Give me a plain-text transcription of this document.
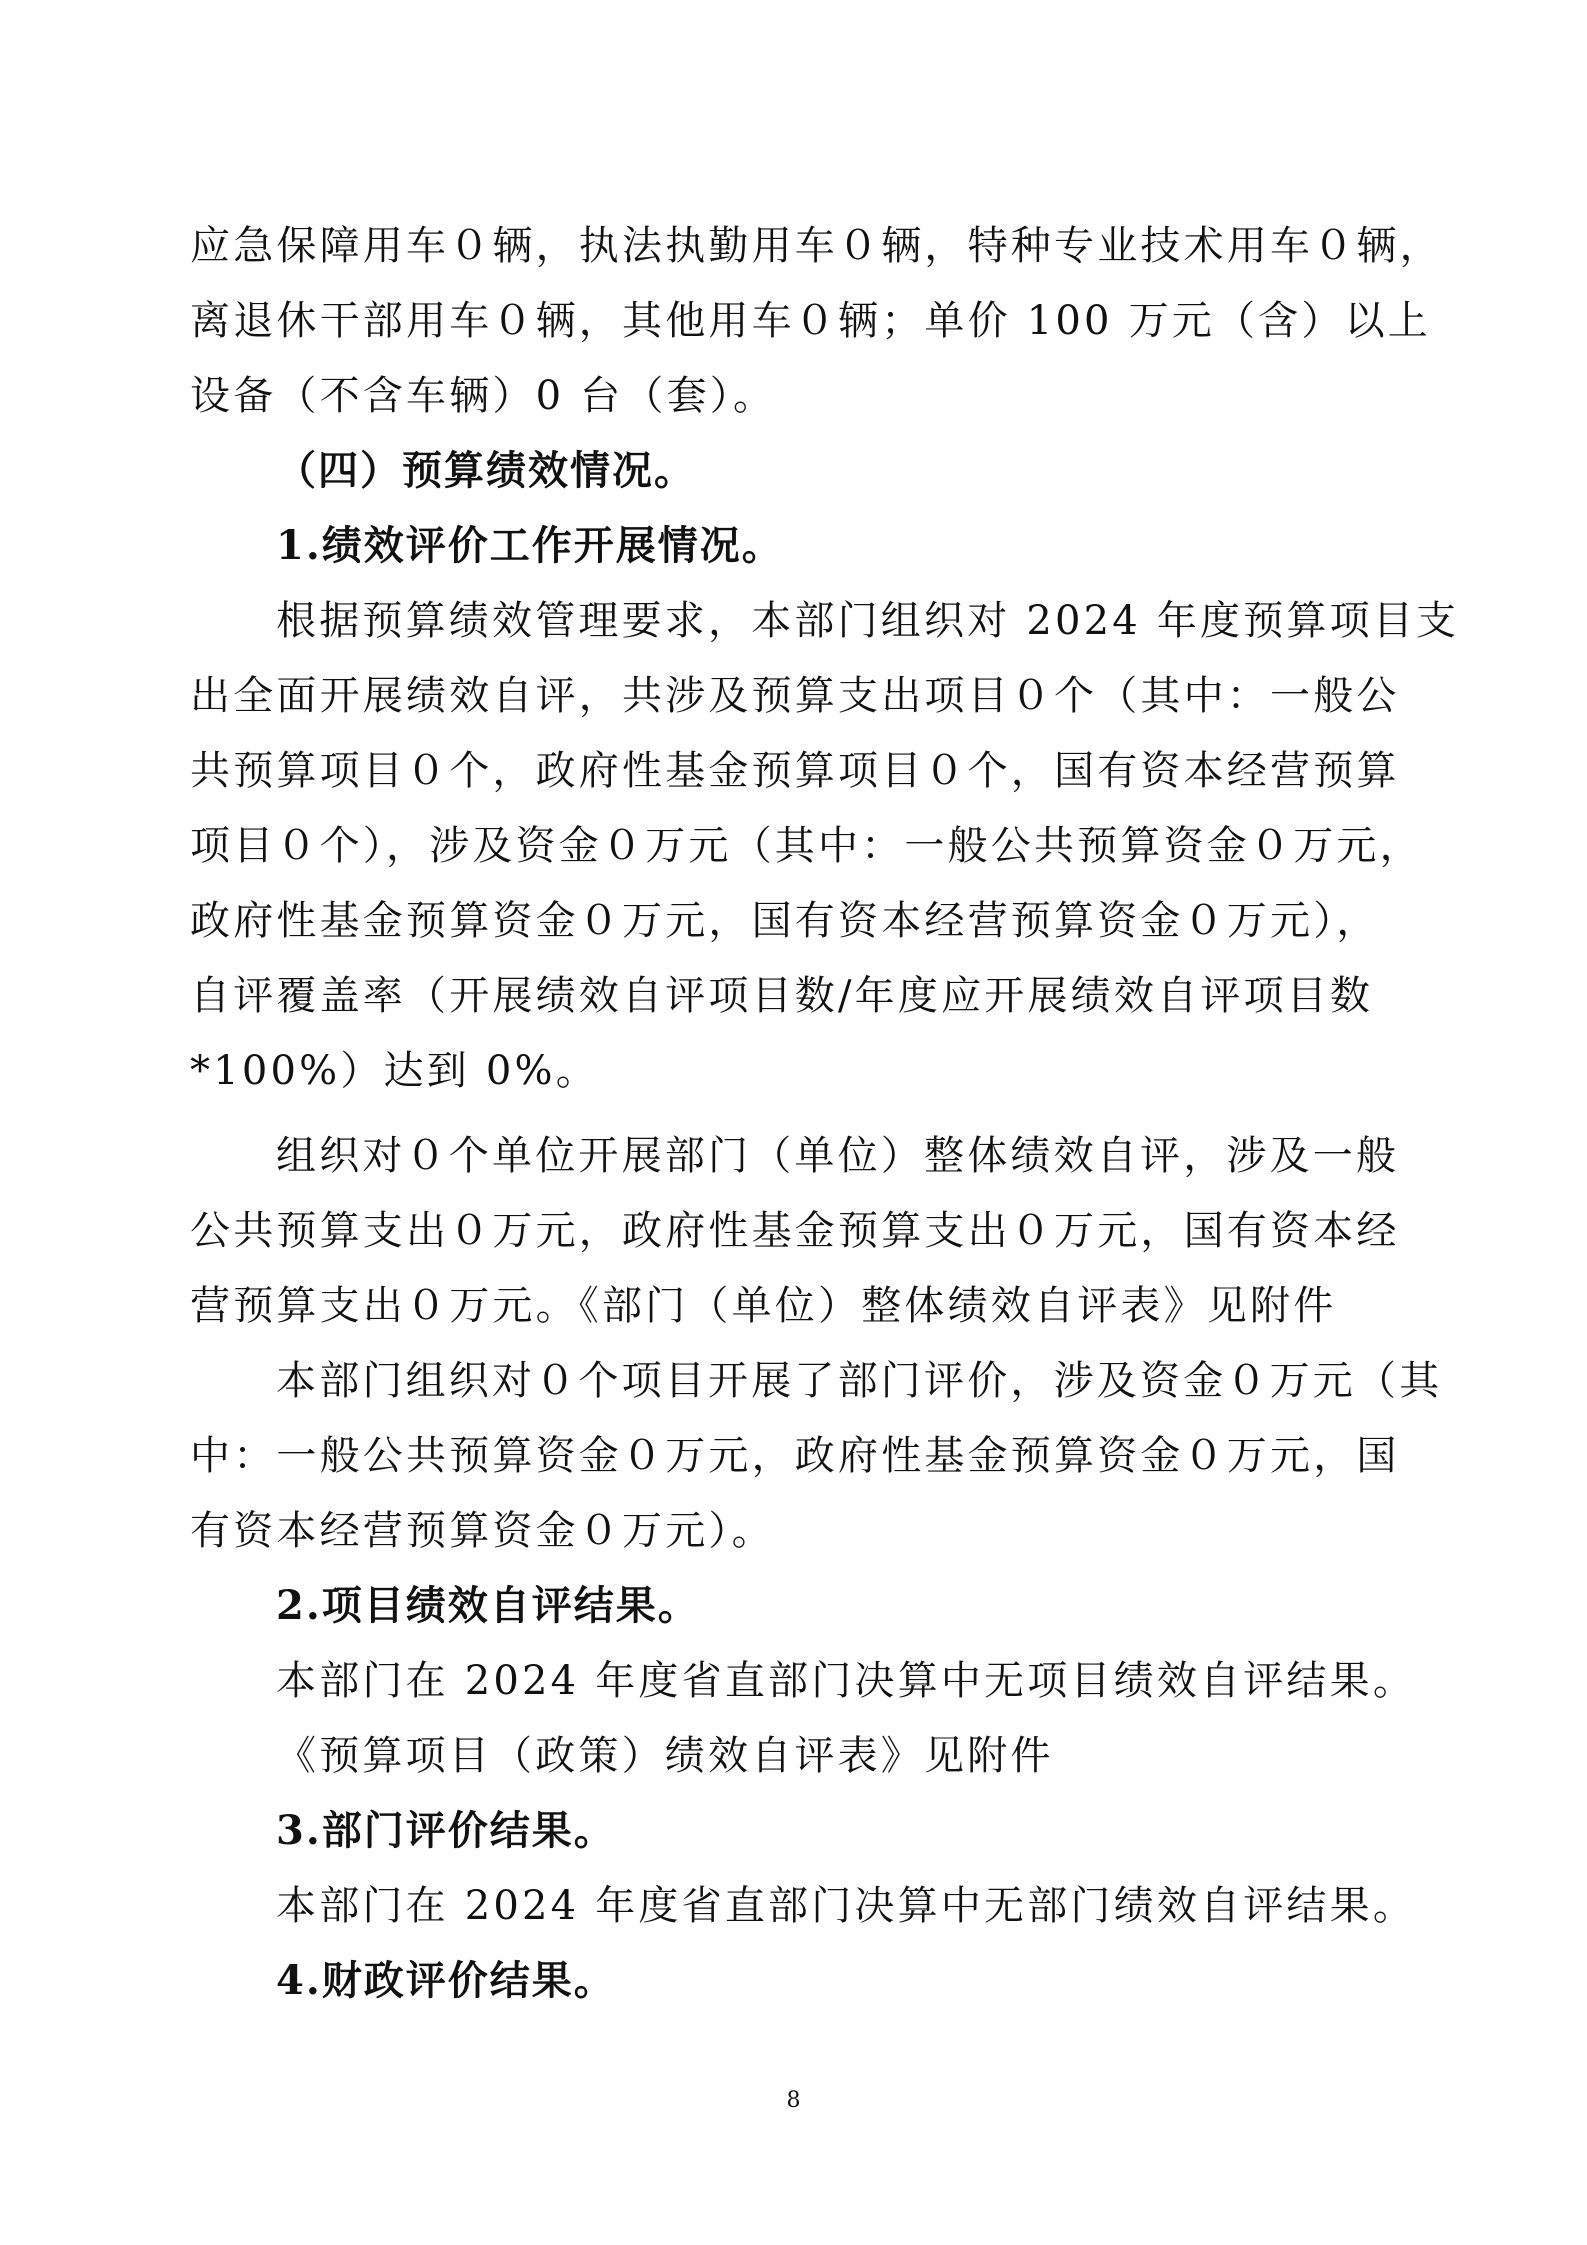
应急保障用车０辆，执法执勤用车０辆，特种专业技术用车０辆，
离退休干部用车０辆，其他用车０辆；单价 100 万元（含）以上
设备（不含车辆）0 台（套）。
（四）预算绩效情况。
1.绩效评价工作开展情况。
根据预算绩效管理要求，本部门组织对 2024 年度预算项目支
出全面开展绩效自评，共涉及预算支出项目０个（其中：一般公
共预算项目０个，政府性基金预算项目０个，国有资本经营预算
项目０个），涉及资金０万元（其中：一般公共预算资金０万元，
政府性基金预算资金０万元，国有资本经营预算资金０万元），
自评覆盖率（开展绩效自评项目数/年度应开展绩效自评项目数
*100%）达到 0%。
组织对０个单位开展部门（单位）整体绩效自评，涉及一般
公共预算支出０万元，政府性基金预算支出０万元，国有资本经
营预算支出０万元。《部门（单位）整体绩效自评表》见附件
本部门组织对０个项目开展了部门评价，涉及资金０万元（其
中：一般公共预算资金０万元，政府性基金预算资金０万元，国
有资本经营预算资金０万元）。
2.项目绩效自评结果。
本部门在 2024 年度省直部门决算中无项目绩效自评结果。
《预算项目（政策）绩效自评表》见附件
3.部门评价结果。
本部门在 2024 年度省直部门决算中无部门绩效自评结果。
4.财政评价结果。
8
